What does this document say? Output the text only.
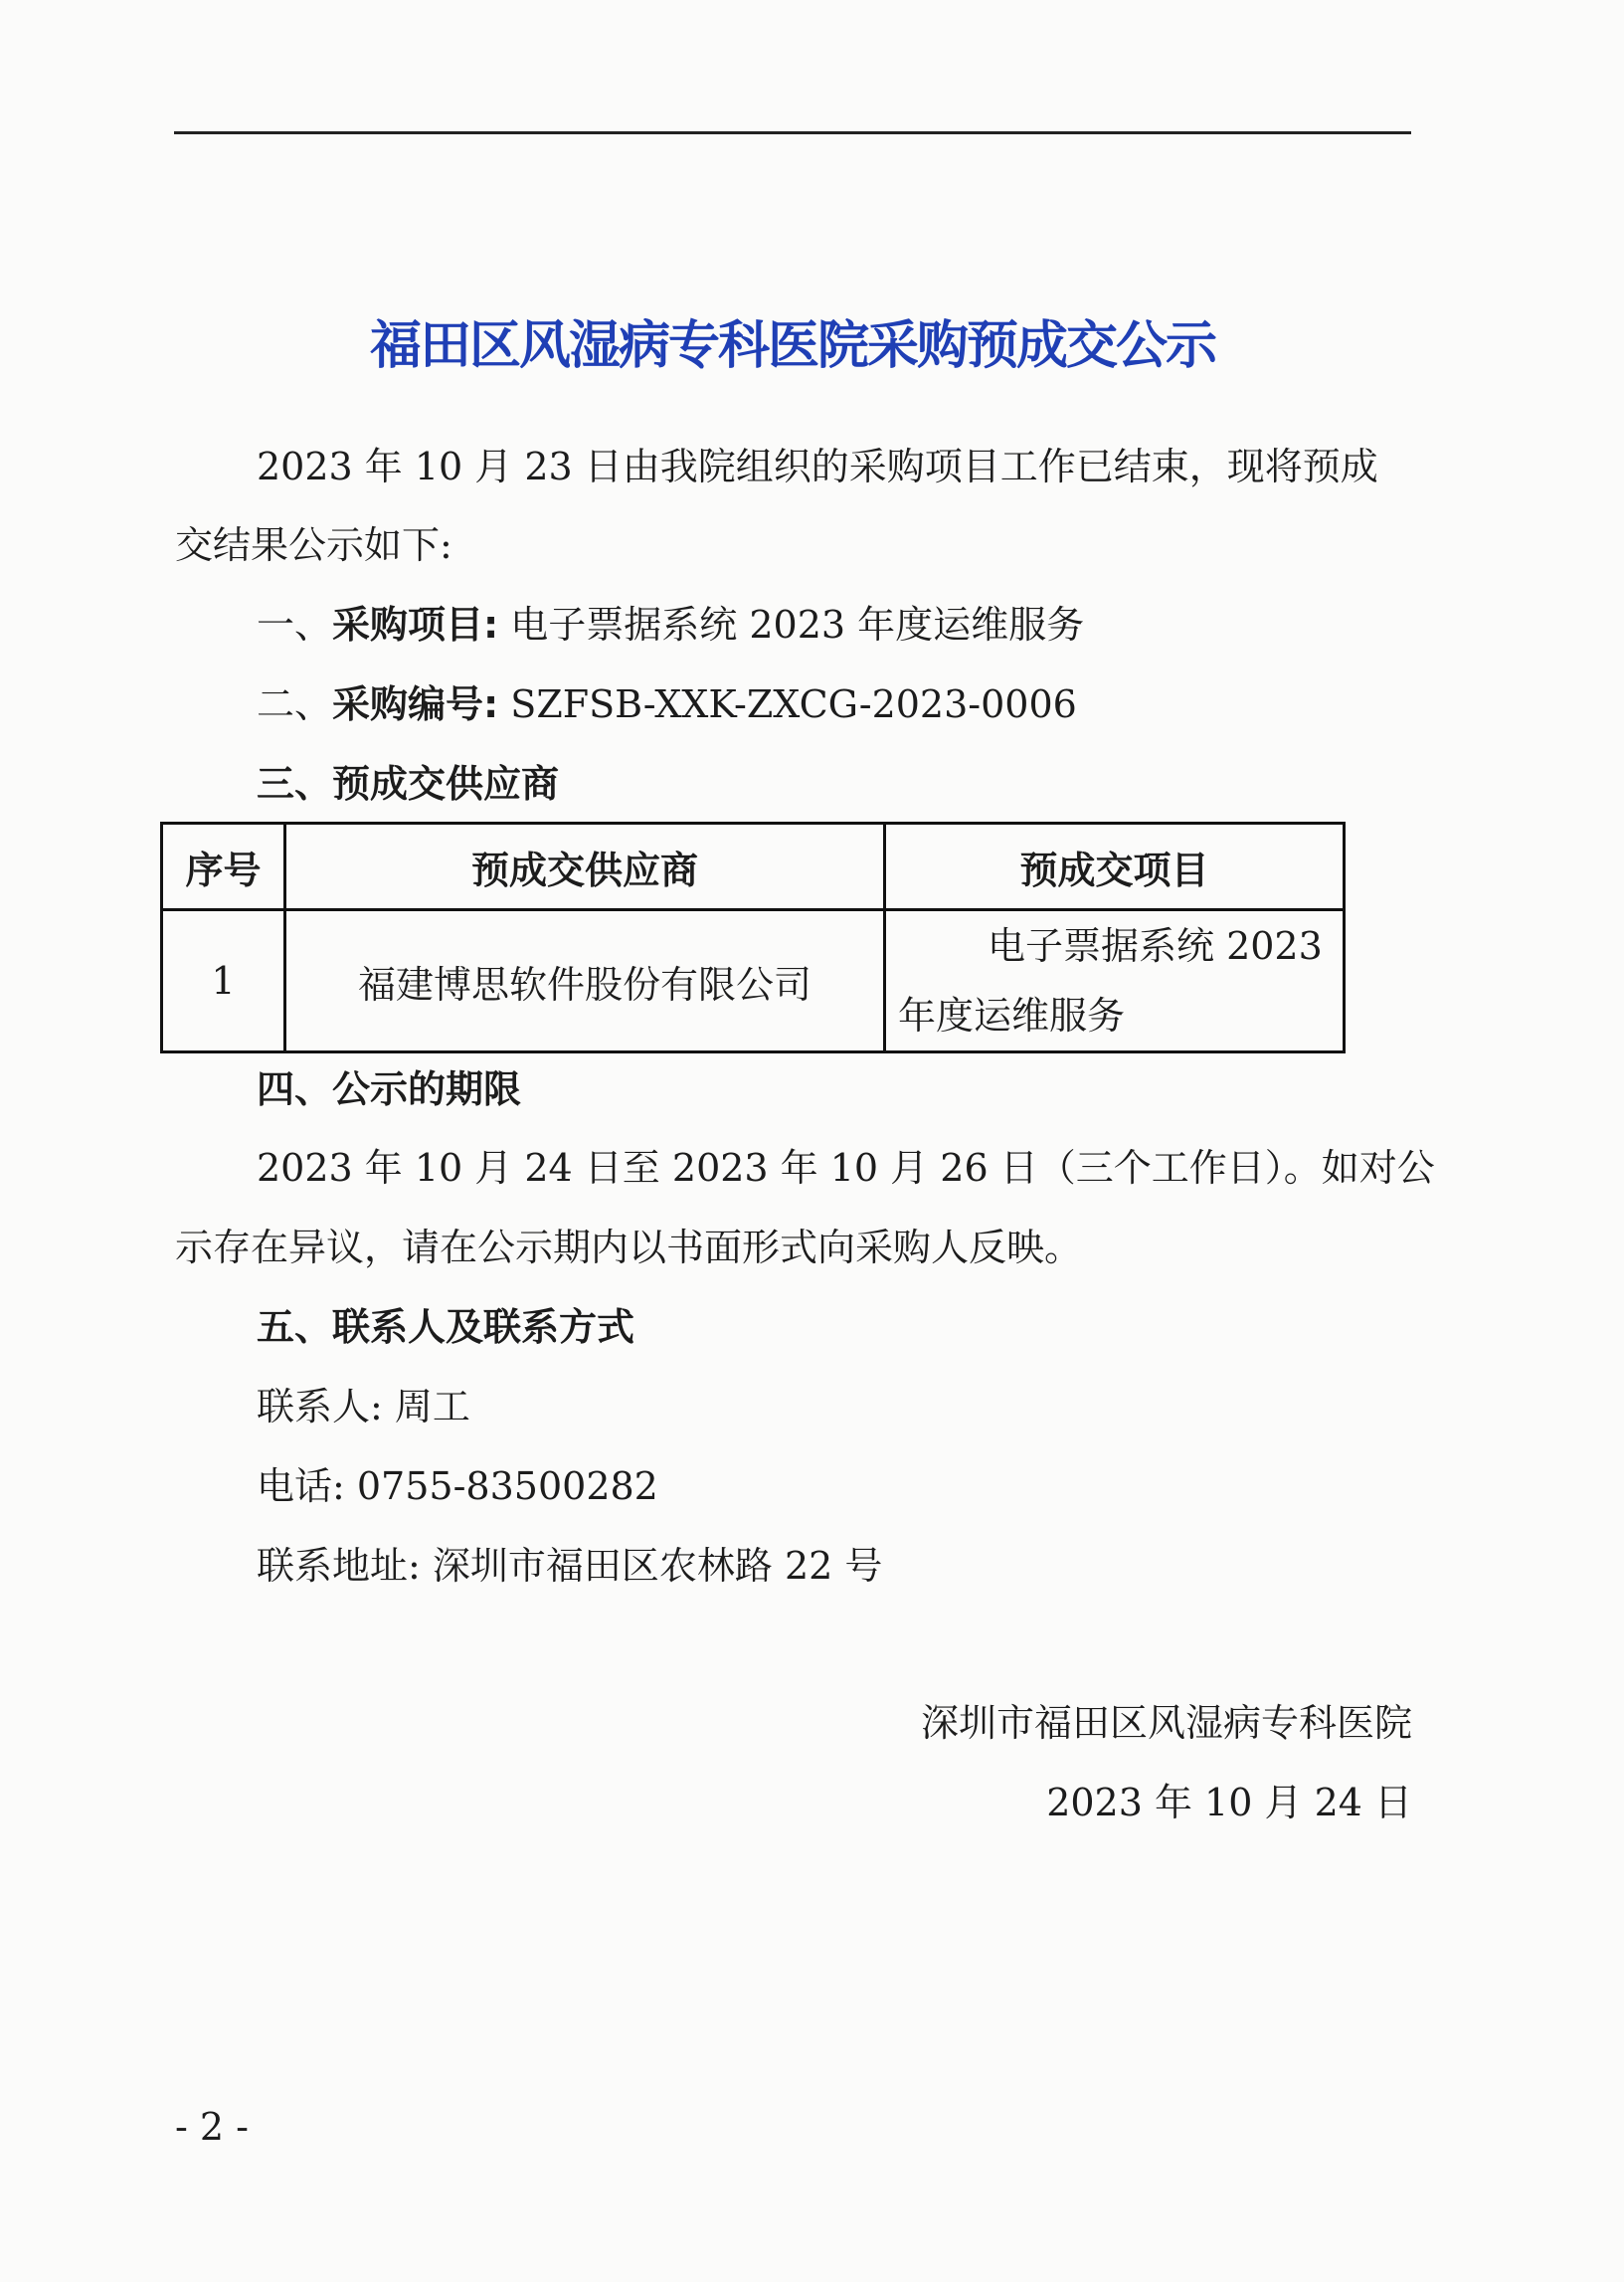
福田区风湿病专科医院采购预成交公示
2023 年 10 月 23 日由我院组织的采购项目工作已结束，现将预成
交结果公示如下:
一、采购项目: 电子票据系统 2023 年度运维服务
二、采购编号: SZFSB-XXK-ZXCG-2023-0006
三、预成交供应商
序号	预成交供应商	预成交项目
1	福建博思软件股份有限公司	电子票据系统 2023
年度运维服务
四、公示的期限
2023 年 10 月 24 日至 2023 年 10 月 26 日（三个工作日）。如对公
示存在异议，请在公示期内以书面形式向采购人反映。
五、联系人及联系方式
联系人: 周工
电话: 0755-83500282
联系地址: 深圳市福田区农林路 22 号
深圳市福田区风湿病专科医院
2023 年 10 月 24 日
- 2 -
